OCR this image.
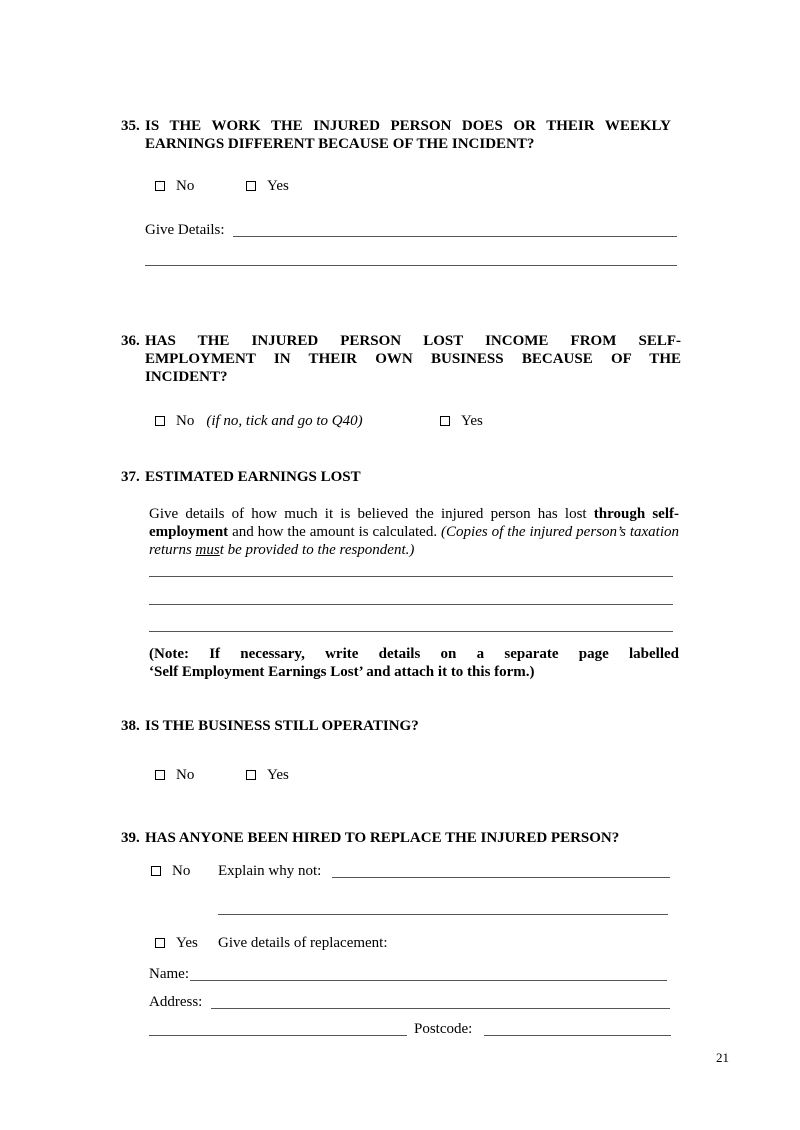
35. IS THE WORK THE INJURED PERSON DOES OR THEIR WEEKLY
EARNINGS DIFFERENT BECAUSE OF THE INCIDENT?
No	Yes
Give Details:
36. HAS THE INJURED PERSON LOST INCOME FROM SELF-
EMPLOYMENT IN THEIR OWN BUSINESS BECAUSE OF THE
INCIDENT?
No (if no, tick and go to Q40)	Yes
37. ESTIMATED EARNINGS LOST
Give details of how much it is believed the injured person has lost through self-employment and how the amount is calculated. (Copies of the injured person’s taxation returns must be provided to the respondent.)
(Note: If necessary, write details on a separate page labelled
‘Self Employment Earnings Lost’ and attach it to this form.)
38. IS THE BUSINESS STILL OPERATING?
No	Yes
39. HAS ANYONE BEEN HIRED TO REPLACE THE INJURED PERSON?
No Explain why not:
Yes Give details of replacement:
Name:
Address:
Postcode:
21
